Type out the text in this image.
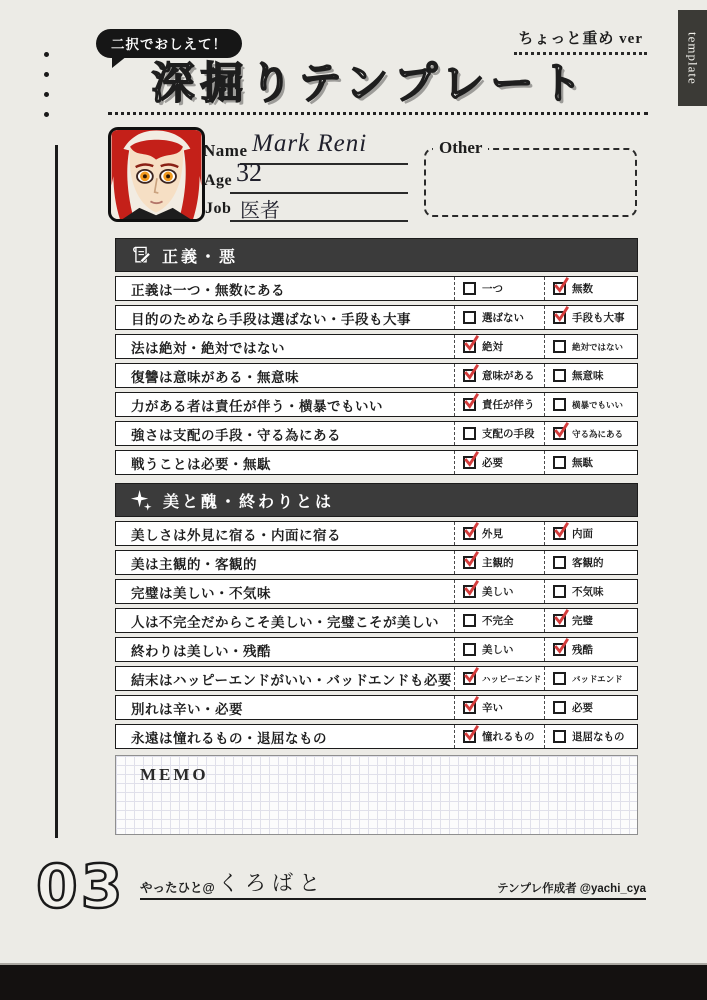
template
二択でおしえて！	ちょっと重め ver
深掘りテンプレート
Name Mark Reni
Age 32
Job 医者
Other
正義・悪
正義は一つ・無数にある	一つ	無数
目的のためなら手段は選ばない・手段も大事	選ばない	手段も大事
法は絶対・絶対ではない	絶対	絶対ではない
復讐は意味がある・無意味	意味がある	無意味
力がある者は責任が伴う・横暴でもいい	責任が伴う	横暴でもいい
強さは支配の手段・守る為にある	支配の手段	守る為にある
戦うことは必要・無駄	必要	無駄
美と醜・終わりとは
美しさは外見に宿る・内面に宿る	外見	内面
美は主観的・客観的	主観的	客観的
完璧は美しい・不気味	美しい	不気味
人は不完全だからこそ美しい・完璧こそが美しい	不完全	完璧
終わりは美しい・残酷	美しい	残酷
結末はハッピーエンドがいい・バッドエンドも必要	ハッピーエンド	バッドエンド
別れは辛い・必要	辛い	必要
永遠は憧れるもの・退屈なもの	憧れるもの	退屈なもの
MEMO
03 やったひと@ くろばと	テンプレ作成者 @yachi_cya
